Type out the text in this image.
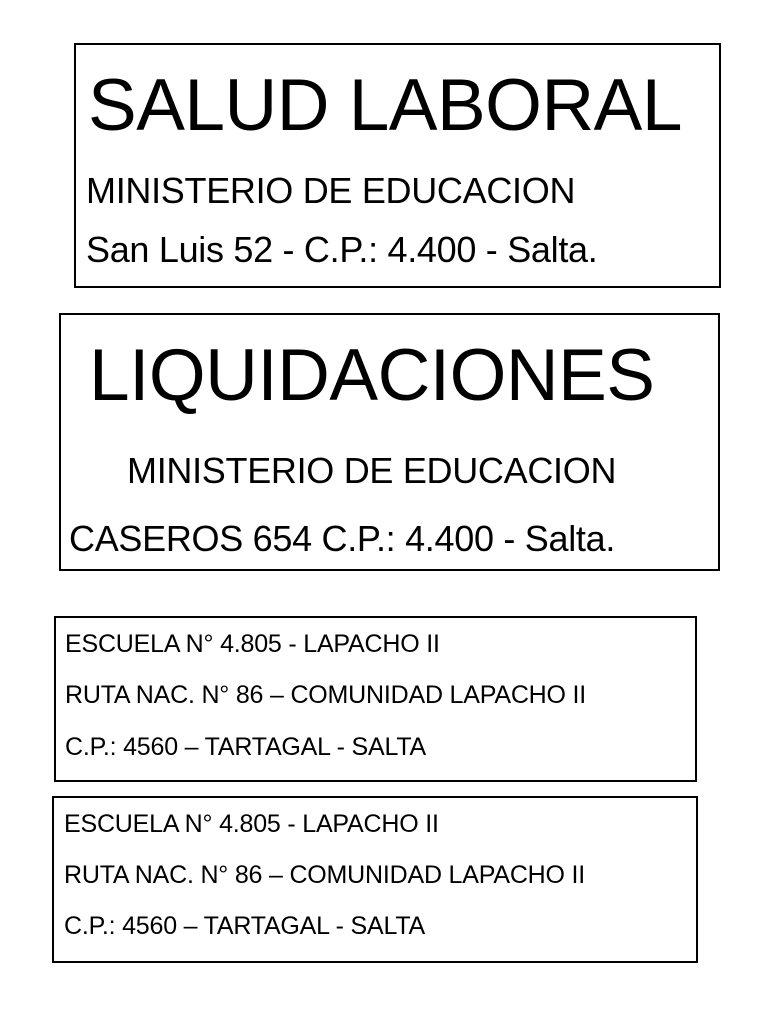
SALUD LABORAL
MINISTERIO DE EDUCACION
San Luis 52 - C.P.: 4.400 - Salta.
LIQUIDACIONES
MINISTERIO DE EDUCACION
CASEROS 654 C.P.: 4.400 - Salta.
ESCUELA N° 4.805 - LAPACHO II
RUTA NAC. N° 86 – COMUNIDAD LAPACHO II
C.P.: 4560 – TARTAGAL - SALTA
ESCUELA N° 4.805 - LAPACHO II
RUTA NAC. N° 86 – COMUNIDAD LAPACHO II
C.P.: 4560 – TARTAGAL - SALTA
